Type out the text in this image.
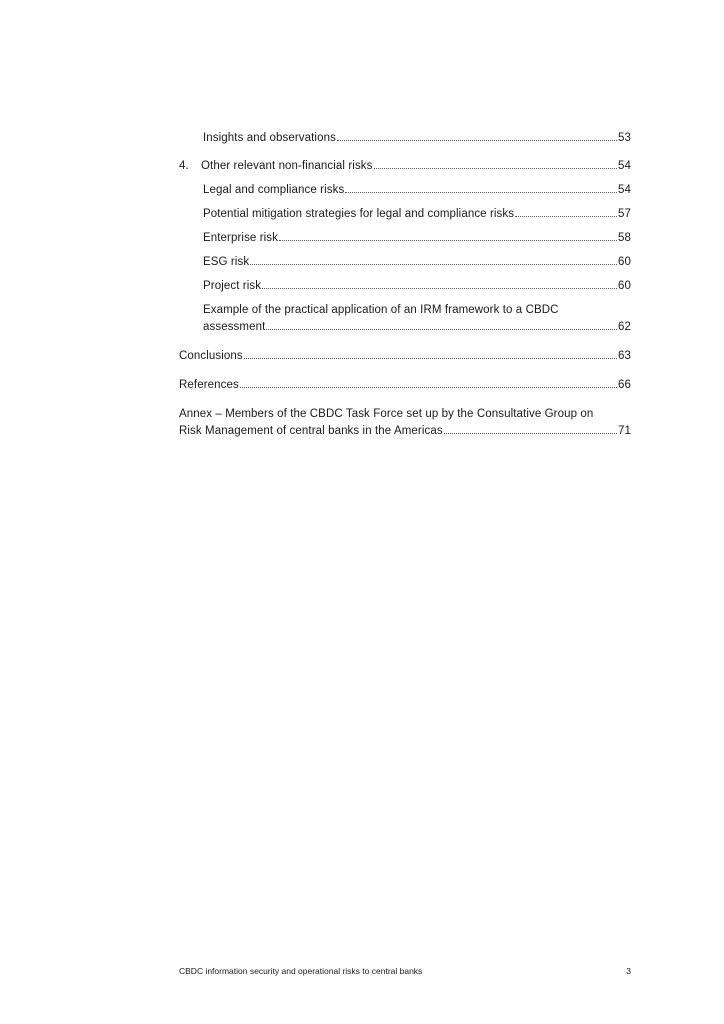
Insights and observations	53
4. Other relevant non-financial risks	54
Legal and compliance risks	54
Potential mitigation strategies for legal and compliance risks	57
Enterprise risk	58
ESG risk	60
Project risk	60
Example of the practical application of an IRM framework to a CBDC
assessment	62
Conclusions	63
References	66
Annex – Members of the CBDC Task Force set up by the Consultative Group on
Risk Management of central banks in the Americas	71
CBDC information security and operational risks to central banks	3
